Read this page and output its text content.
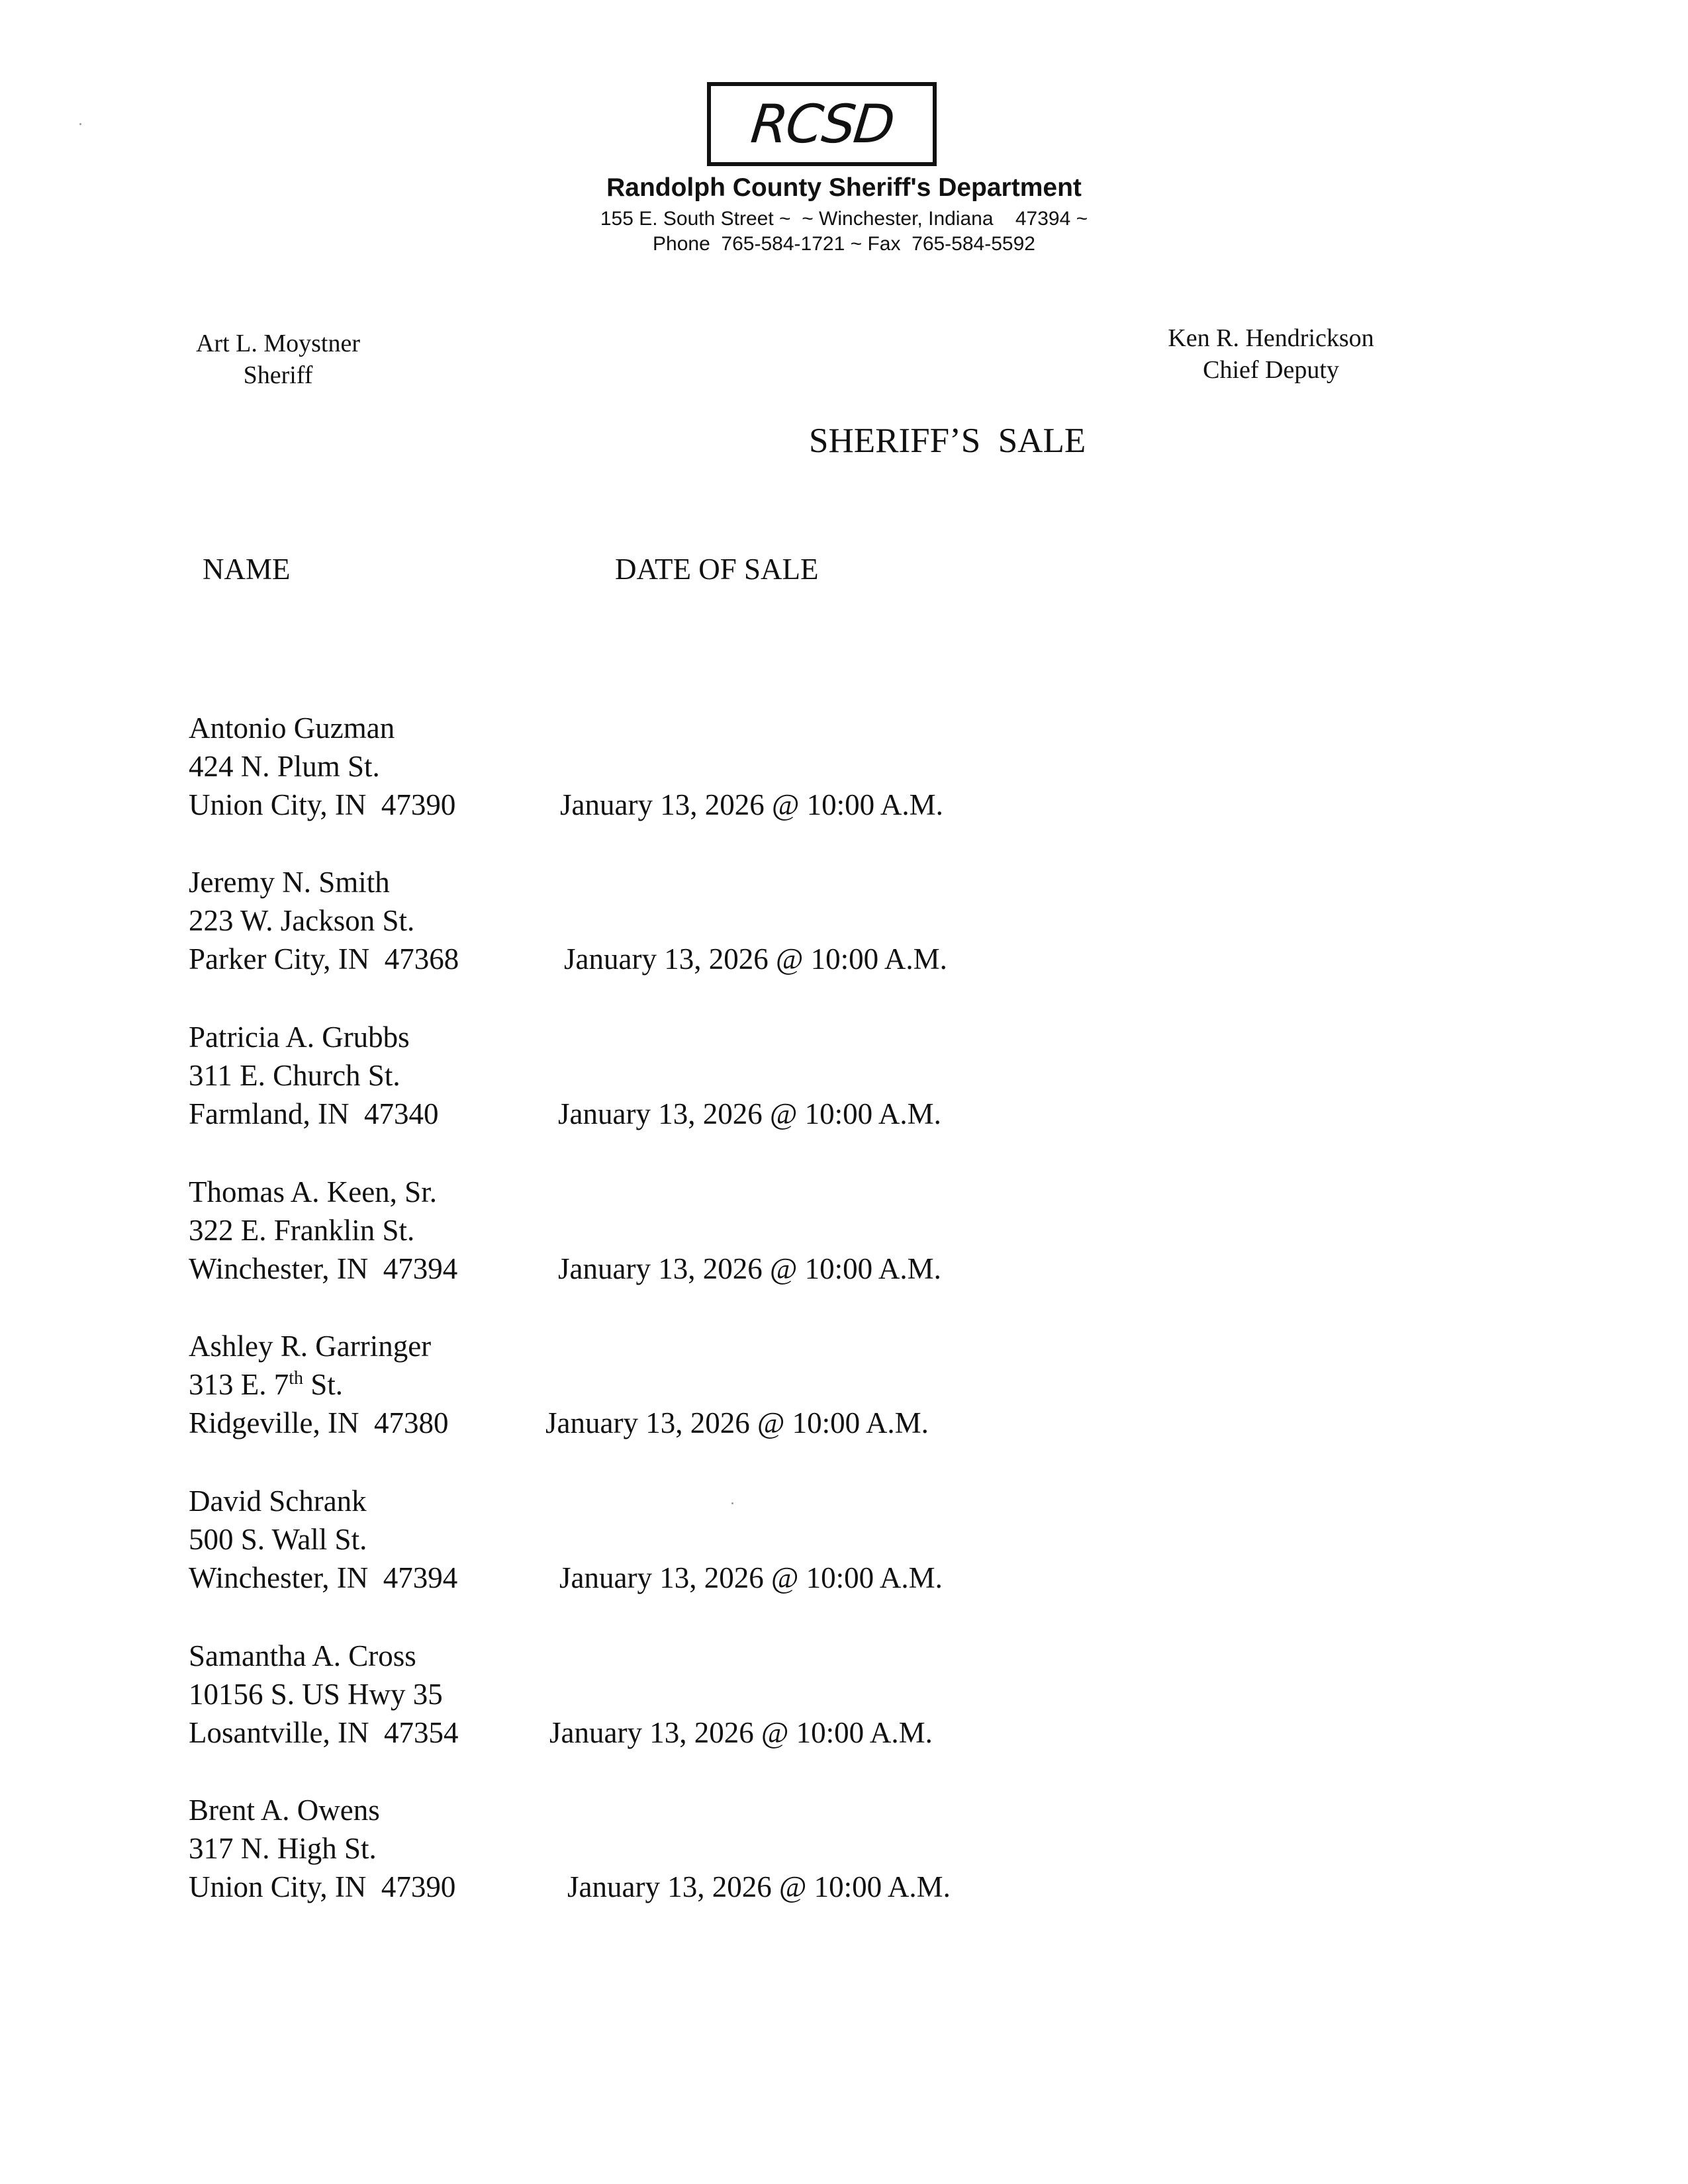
RCSD
Randolph County Sheriff's Department
155 E. South Street ~  ~ Winchester, Indiana    47394 ~
Phone  765-584-1721 ~ Fax  765-584-5592
Art L. Moystner
Sheriff
Ken R. Hendrickson
Chief Deputy
SHERIFF’S  SALE
NAME	DATE OF SALE
Antonio Guzman
424 N. Plum St.
Union City, IN  47390	January 13, 2026 @ 10:00 A.M.
Jeremy N. Smith
223 W. Jackson St.
Parker City, IN  47368	January 13, 2026 @ 10:00 A.M.
Patricia A. Grubbs
311 E. Church St.
Farmland, IN  47340	January 13, 2026 @ 10:00 A.M.
Thomas A. Keen, Sr.
322 E. Franklin St.
Winchester, IN  47394	January 13, 2026 @ 10:00 A.M.
Ashley R. Garringer
313 E. 7th St.
Ridgeville, IN  47380	January 13, 2026 @ 10:00 A.M.
David Schrank
500 S. Wall St.
Winchester, IN  47394	January 13, 2026 @ 10:00 A.M.
Samantha A. Cross
10156 S. US Hwy 35
Losantville, IN  47354	January 13, 2026 @ 10:00 A.M.
Brent A. Owens
317 N. High St.
Union City, IN  47390	January 13, 2026 @ 10:00 A.M.
